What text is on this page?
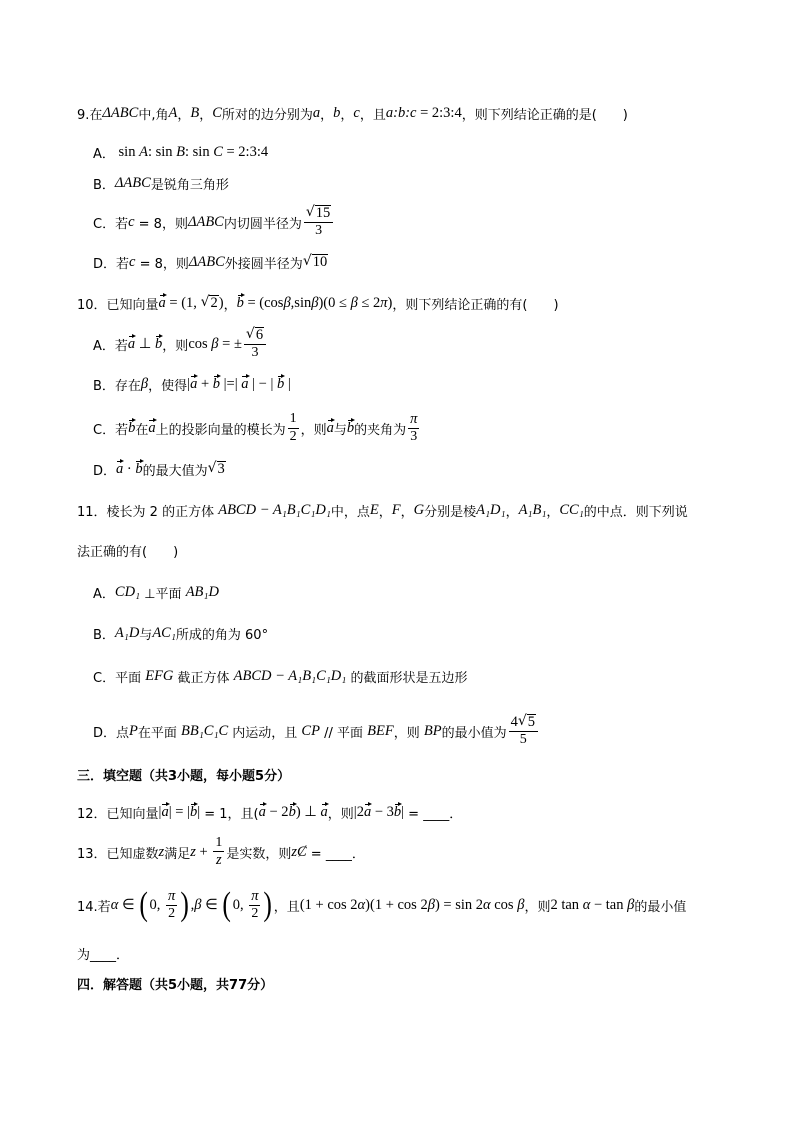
9.在 ΔABC 中,角 A ， B ， C 所对的边分别为 a ， b ， c ，且 a:b:c = 2:3:4 ，则下列结论正确的是(　　)
A． sin A : sin B : sin C = 2:3:4
B． ΔABC 是锐角三角形
C．若 c = 8，则 ΔABC 内切圆半径为
√ $\frac{15}{3}$
D．若 c = 8，则 ΔABC 外接圆半径为
√ 10
10．已知向量 a = (1,
√ 2 ) ， b = (cos β ,sin β )(0 ≤ β ≤ 2 π ) ，则下列结论正确的有(　　)
A．若 a ⊥ b ，则 cos β = ±
√ $\frac{6}{3}$
B．存在 β ，使得 | a + b |=| a | − | b |
C．若 b 在 a 上的投影向量的模长为 $\frac{1}{2}$ ，则 a 与 b 的夹角为 $\frac{\pi}{3}$
D． a · b 的最大值为
√ 3
11．棱长为 2 的正方体 ABCD − A₁B₁C₁D₁ 中，点 E ， F ， G 分别是棱 A₁D₁ ， A₁B₁ ， CC₁ 的中点．则下列说
法正确的有(　　)
A． CD₁ ⊥平面 AB₁D
B． A₁D 与 AC₁ 所成的角为 60°
C．平面 EFG 截正方体 ABCD − A₁B₁C₁D₁ 的截面形状是五边形
D．点 P 在平面 BB₁C₁C 内运动，且 CP // 平面 BEF ，则 BP 的最小值为 4
√ 5
5
三．填空题（共3小题，每小题5分）
12．已知向量 | a | = | b | = 1，且( a − 2 b ) ⊥ a ，则 |2 a − 3 b | = ____．
13．已知虚数 z 满足 $z + \frac{1}{z}$ 是实数，则 zȻ = ____．
14.若 α ∈ ( 0, $\frac{\pi}{2}$ ) , β ∈ ( 0, $\frac{\pi}{2}$ ) ，且 (1 + cos 2 α )(1 + cos 2 β ) = sin 2 α cos β ，则 2 tan α − tan β 的最小值
为____．
四．解答题（共5小题，共77分）
